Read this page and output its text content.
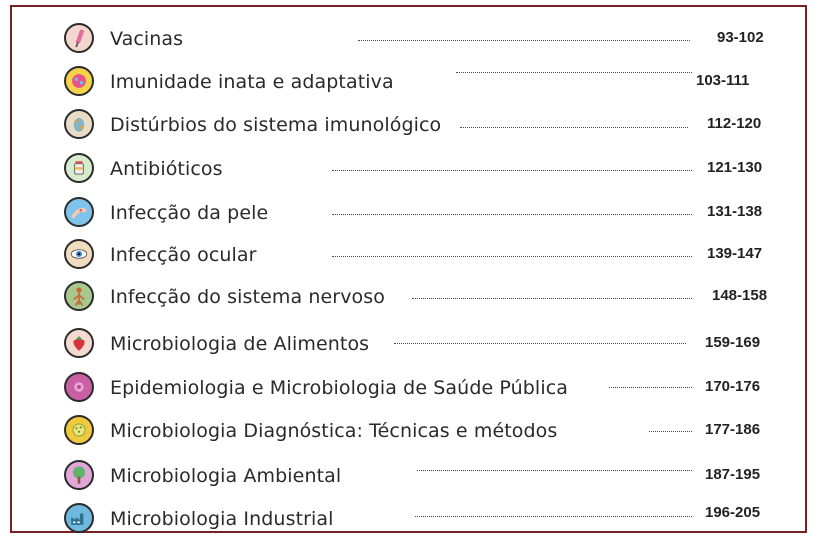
Vacinas	93-102
Imunidade inata e adaptativa	103-111
Distúrbios do sistema imunológico	112-120
Antibióticos	121-130
Infecção da pele	131-138
Infecção ocular	139-147
Infecção do sistema nervoso	148-158
Microbiologia de Alimentos	159-169
Epidemiologia e Microbiologia de Saúde Pública	170-176
Microbiologia Diagnóstica: Técnicas e métodos	177-186
Microbiologia Ambiental	187-195
Microbiologia Industrial	196-205
